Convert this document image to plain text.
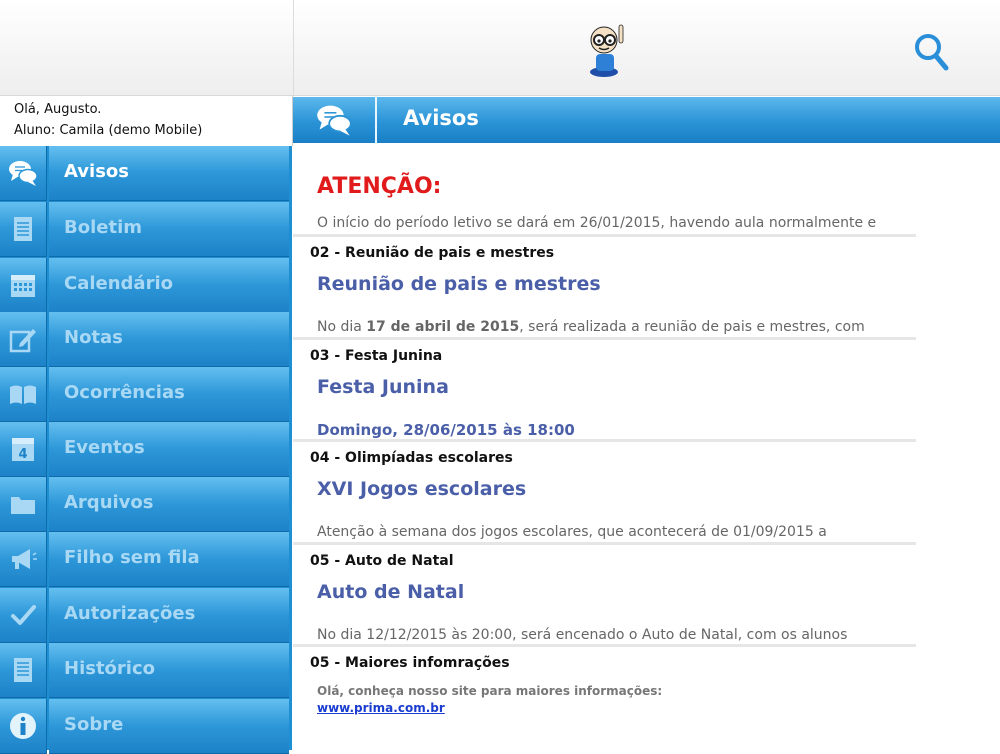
Olá, Augusto.
Aluno: Camila (demo Mobile)
Avisos
Boletim
Calendário
Notas
Ocorrências
4 Eventos
Arquivos
Filho sem fila
Autorizações
Histórico
Sobre
Avisos
ATENÇÃO:
O início do período letivo se dará em 26/01/2015, havendo aula normalmente e
02 - Reunião de pais e mestres
Reunião de pais e mestres
No dia 17 de abril de 2015, será realizada a reunião de pais e mestres, com
03 - Festa Junina
Festa Junina
Domingo, 28/06/2015 às 18:00
04 - Olimpíadas escolares
XVI Jogos escolares
Atenção à semana dos jogos escolares, que acontecerá de 01/09/2015 a
05 - Auto de Natal
Auto de Natal
No dia 12/12/2015 às 20:00, será encenado o Auto de Natal, com os alunos
05 - Maiores infomrações
Olá, conheça nosso site para maiores informações:
www.prima.com.br
